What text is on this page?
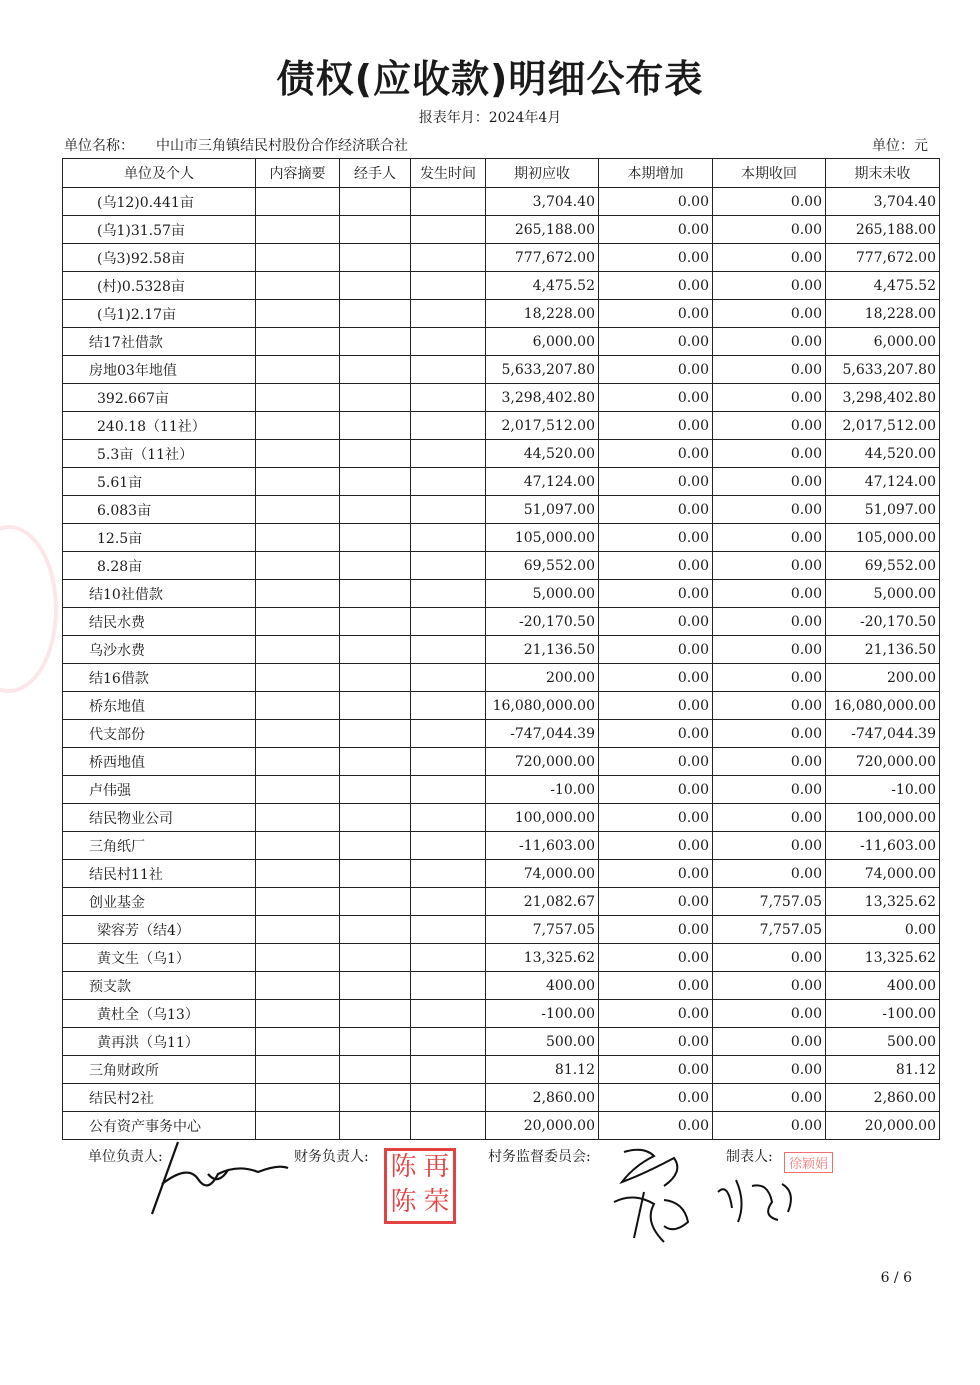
债权(应收款)明细公布表
报表年月：2024年4月
单位名称： 中山市三角镇结民村股份合作经济联合社	单位：元
单位及个人	内容摘要	经手人	发生时间	期初应收	本期增加	本期收回	期末未收
(乌12)0.441亩				3,704.40	0.00	0.00	3,704.40
(乌1)31.57亩				265,188.00	0.00	0.00	265,188.00
(乌3)92.58亩				777,672.00	0.00	0.00	777,672.00
(村)0.5328亩				4,475.52	0.00	0.00	4,475.52
(乌1)2.17亩				18,228.00	0.00	0.00	18,228.00
结17社借款				6,000.00	0.00	0.00	6,000.00
房地03年地值				5,633,207.80	0.00	0.00	5,633,207.80
392.667亩				3,298,402.80	0.00	0.00	3,298,402.80
240.18（11社）				2,017,512.00	0.00	0.00	2,017,512.00
5.3亩（11社）				44,520.00	0.00	0.00	44,520.00
5.61亩				47,124.00	0.00	0.00	47,124.00
6.083亩				51,097.00	0.00	0.00	51,097.00
12.5亩				105,000.00	0.00	0.00	105,000.00
8.28亩				69,552.00	0.00	0.00	69,552.00
结10社借款				5,000.00	0.00	0.00	5,000.00
结民水费				-20,170.50	0.00	0.00	-20,170.50
乌沙水费				21,136.50	0.00	0.00	21,136.50
结16借款				200.00	0.00	0.00	200.00
桥东地值				16,080,000.00	0.00	0.00	16,080,000.00
代支部份				-747,044.39	0.00	0.00	-747,044.39
桥西地值				720,000.00	0.00	0.00	720,000.00
卢伟强				-10.00	0.00	0.00	-10.00
结民物业公司				100,000.00	0.00	0.00	100,000.00
三角纸厂				-11,603.00	0.00	0.00	-11,603.00
结民村11社				74,000.00	0.00	0.00	74,000.00
创业基金				21,082.67	0.00	7,757.05	13,325.62
梁容芳（结4）				7,757.05	0.00	7,757.05	0.00
黄文生（乌1）				13,325.62	0.00	0.00	13,325.62
预支款				400.00	0.00	0.00	400.00
黄杜全（乌13）				-100.00	0.00	0.00	-100.00
黄再洪（乌11）				500.00	0.00	0.00	500.00
三角财政所				81.12	0.00	0.00	81.12
结民村2社				2,860.00	0.00	0.00	2,860.00
公有资产事务中心				20,000.00	0.00	0.00	20,000.00
单位负责人:	财务负责人:	村务监督委员会:	制表人:
陈 再
陈 荣
徐颖娟
6 / 6
